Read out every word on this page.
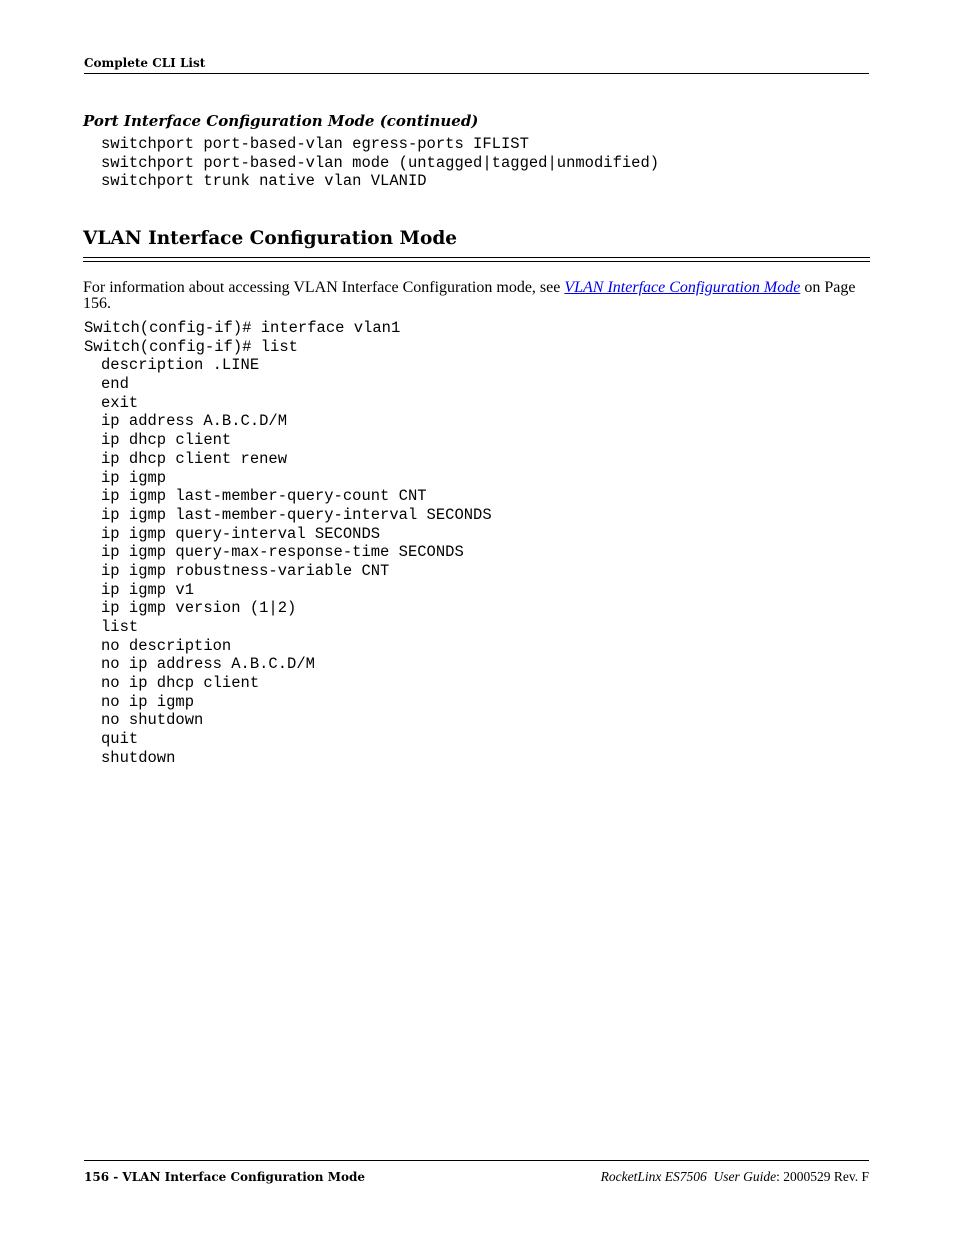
Complete CLI List
Port Interface Configuration Mode (continued)
switchport port-based-vlan egress-ports IFLIST
switchport port-based-vlan mode (untagged|tagged|unmodified)
switchport trunk native vlan VLANID
VLAN Interface Configuration Mode
For information about accessing VLAN Interface Configuration mode, see VLAN Interface Configuration Mode on Page 156.
Switch(config-if)# interface vlan1
Switch(config-if)# list
description .LINE
end
exit
ip address A.B.C.D/M
ip dhcp client
ip dhcp client renew
ip igmp
ip igmp last-member-query-count CNT
ip igmp last-member-query-interval SECONDS
ip igmp query-interval SECONDS
ip igmp query-max-response-time SECONDS
ip igmp robustness-variable CNT
ip igmp v1
ip igmp version (1|2)
list
no description
no ip address A.B.C.D/M
no ip dhcp client
no ip igmp
no shutdown
quit
shutdown
156 - VLAN Interface Configuration Mode	RocketLinx ES7506 User Guide: 2000529 Rev. F
